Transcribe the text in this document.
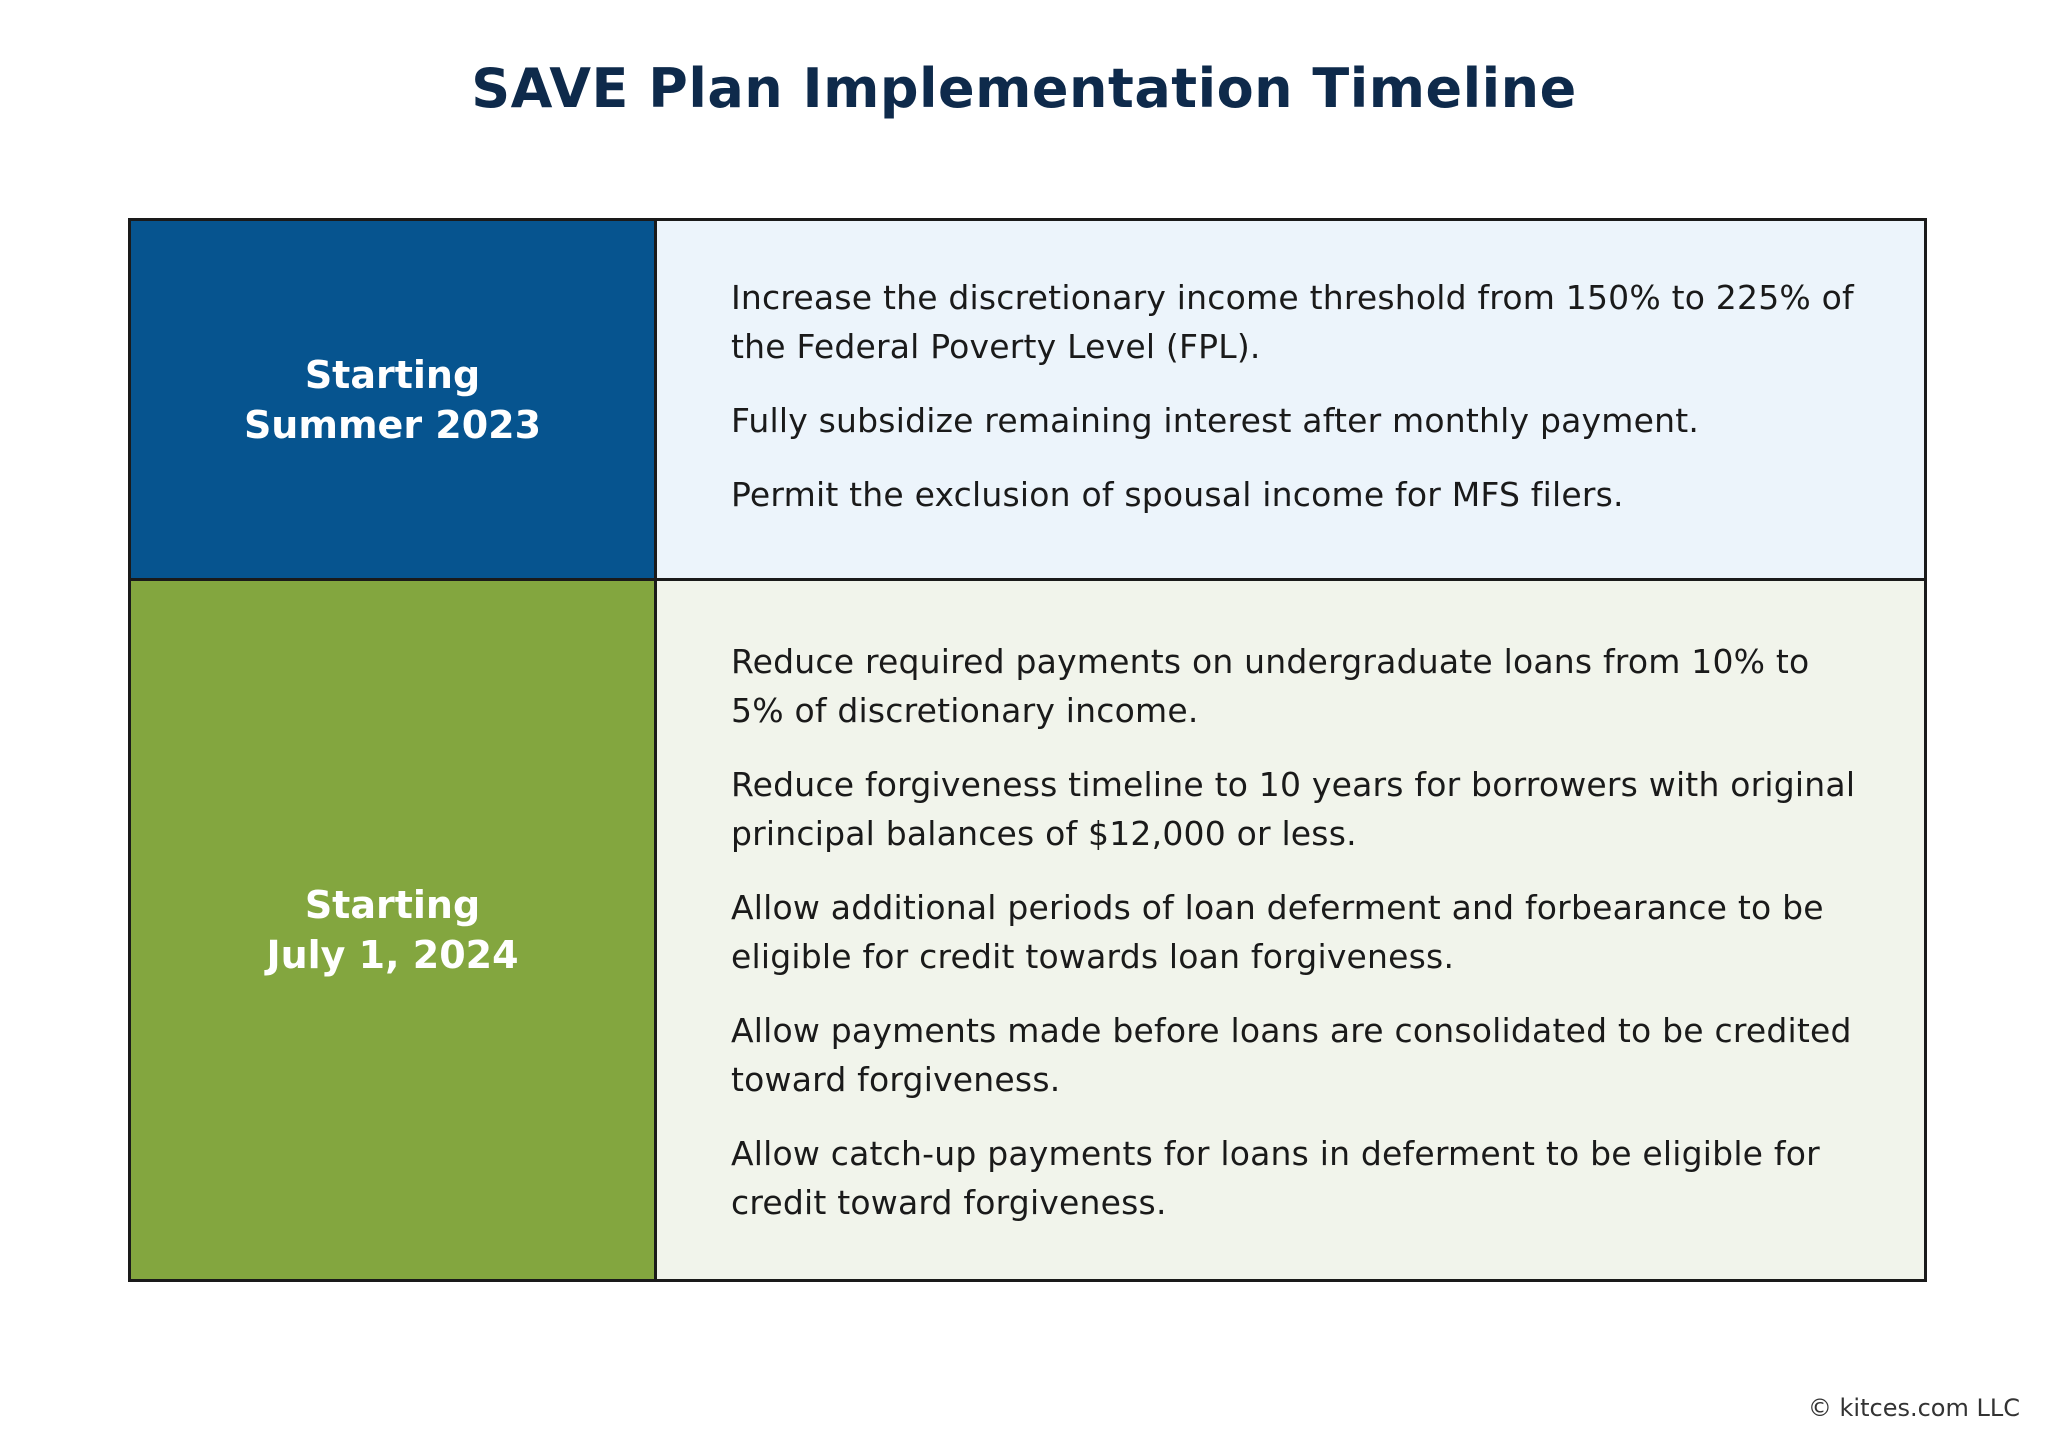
SAVE Plan Implementation Timeline
Starting
Summer 2023

Increase the discretionary income threshold from 150% to 225% of the Federal Poverty Level (FPL).

Fully subsidize remaining interest after monthly payment.

Permit the exclusion of spousal income for MFS filers.

Starting
July 1, 2024

Reduce required payments on undergraduate loans from 10% to 5% of discretionary income.

Reduce forgiveness timeline to 10 years for borrowers with original principal balances of $12,000 or less.

Allow additional periods of loan deferment and forbearance to be eligible for credit towards loan forgiveness.

Allow payments made before loans are consolidated to be credited toward forgiveness.

Allow catch-up payments for loans in deferment to be eligible for credit toward forgiveness.

© kitces.com LLC
